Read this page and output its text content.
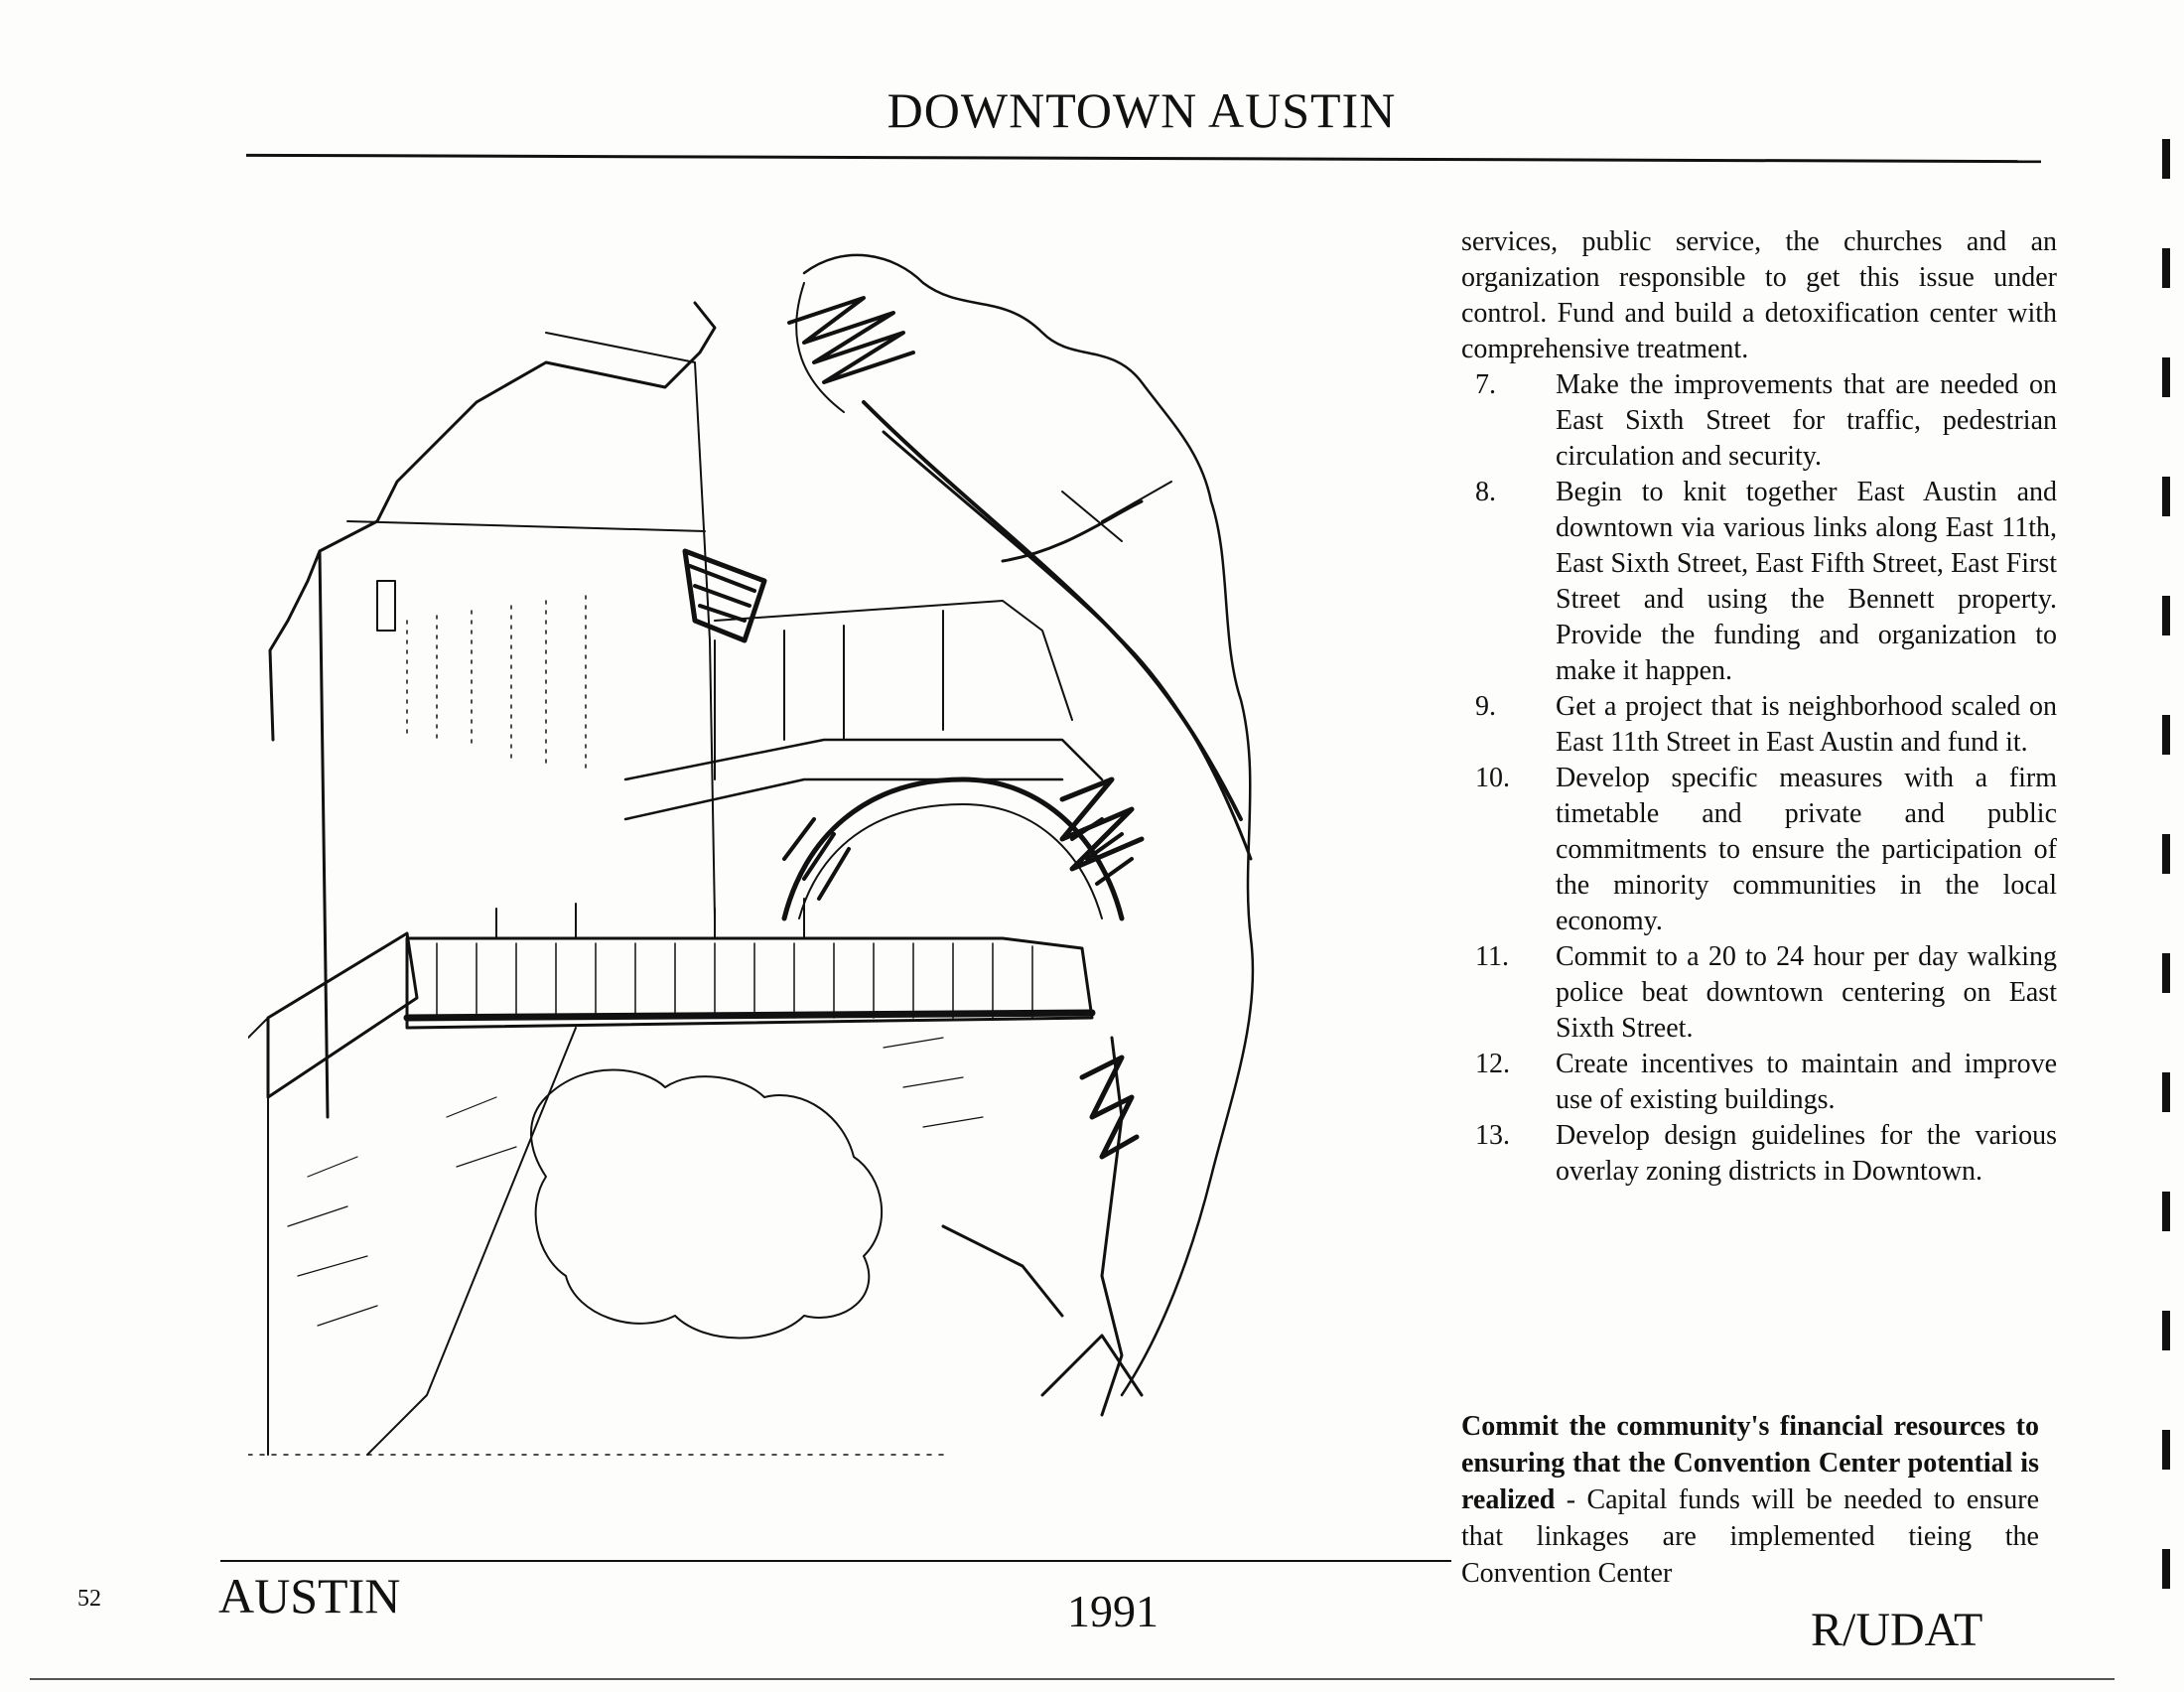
DOWNTOWN AUSTIN

services, public service, the churches and an organization responsible to get this issue under control. Fund and build a detoxification center with comprehensive treatment.

7.	Make the improvements that are needed on East Sixth Street for traffic, pedestrian circulation and security.
8.	Begin to knit together East Austin and downtown via various links along East 11th, East Sixth Street, East Fifth Street, East First Street and using the Bennett property. Provide the funding and organization to make it happen.
9.	Get a project that is neighborhood scaled on East 11th Street in East Austin and fund it.
10.	Develop specific measures with a firm timetable and private and public commitments to ensure the participation of the minority communities in the local economy.
11.	Commit to a 20 to 24 hour per day walking police beat downtown centering on East Sixth Street.
12.	Create incentives to maintain and improve use of existing buildings.
13.	Develop design guidelines for the various overlay zoning districts in Downtown.
Commit the community's financial resources to ensuring that the Convention Center potential is realized - Capital funds will be needed to ensure that linkages are implemented tieing the Convention Center
52 AUSTIN	1991	R/UDAT
